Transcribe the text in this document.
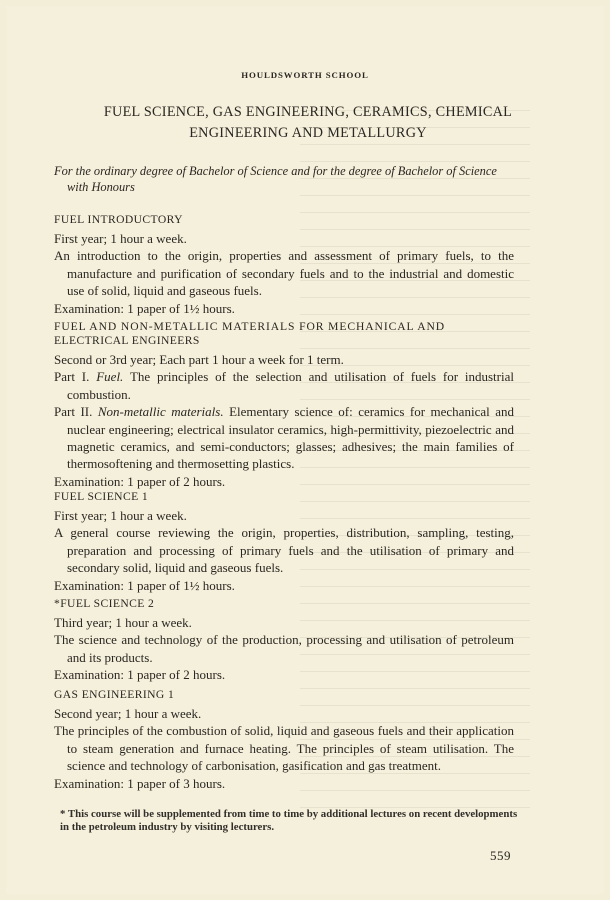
HOULDSWORTH SCHOOL
FUEL SCIENCE, GAS ENGINEERING, CERAMICS, CHEMICAL
ENGINEERING AND METALLURGY
For the ordinary degree of Bachelor of Science and for the degree of Bachelor of Science
with Honours
FUEL INTRODUCTORY

First year; 1 hour a week.

An introduction to the origin, properties and assessment of primary fuels, to the manufacture and purification of secondary fuels and to the industrial and domestic use of solid, liquid and gaseous fuels.

Examination: 1 paper of 1½ hours.

FUEL AND NON-METALLIC MATERIALS FOR MECHANICAL AND
ELECTRICAL ENGINEERS

Second or 3rd year; Each part 1 hour a week for 1 term.

Part I. Fuel. The principles of the selection and utilisation of fuels for industrial combustion.

Part II. Non-metallic materials. Elementary science of: ceramics for mechanical and nuclear engineering; electrical insulator ceramics, high-permittivity, piezoelectric and magnetic ceramics, and semi-conductors; glasses; adhesives; the main families of thermosoftening and thermosetting plastics.

Examination: 1 paper of 2 hours.

FUEL SCIENCE 1

First year; 1 hour a week.

A general course reviewing the origin, properties, distribution, sampling, testing, preparation and processing of primary fuels and the utilisation of primary and secondary solid, liquid and gaseous fuels.

Examination: 1 paper of 1½ hours.

*FUEL SCIENCE 2

Third year; 1 hour a week.

The science and technology of the production, processing and utilisation of petroleum and its products.

Examination: 1 paper of 2 hours.

GAS ENGINEERING 1

Second year; 1 hour a week.

The principles of the combustion of solid, liquid and gaseous fuels and their application to steam generation and furnace heating. The principles of steam utilisation. The science and technology of carbonisation, gasification and gas treatment.

Examination: 1 paper of 3 hours.

* This course will be supplemented from time to time by additional lectures on recent developments in the petroleum industry by visiting lecturers.
559
